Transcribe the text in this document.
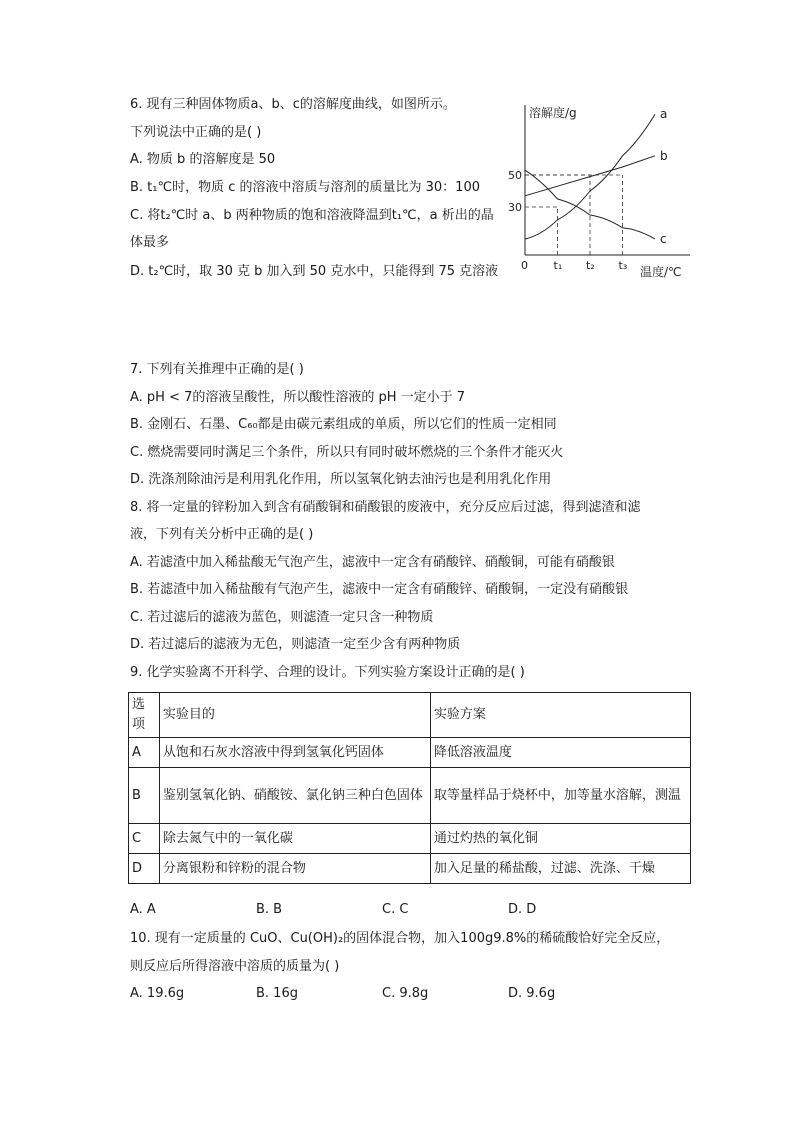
6. 现有三种固体物质a、b、c的溶解度曲线，如图所示。
下列说法中正确的是( )
A. 物质 b 的溶解度是 50
B. t₁℃时，物质 c 的溶液中溶质与溶剂的质量比为 30：100
C. 将t₂℃时 a、b 两种物质的饱和溶液降温到t₁℃，a 析出的晶
体最多
D. t₂℃时，取 30 克 b 加入到 50 克水中，只能得到 75 克溶液
溶解度/g
温度/℃
30
50
0 t₁ t₂ t₃
a
b
c
7. 下列有关推理中正确的是( )
A. pH < 7的溶液呈酸性，所以酸性溶液的 pH 一定小于 7
B. 金刚石、石墨、C₆₀都是由碳元素组成的单质，所以它们的性质一定相同
C. 燃烧需要同时满足三个条件，所以只有同时破坏燃烧的三个条件才能灭火
D. 洗涤剂除油污是利用乳化作用，所以氢氧化钠去油污也是利用乳化作用
8. 将一定量的锌粉加入到含有硝酸铜和硝酸银的废液中，充分反应后过滤，得到滤渣和滤
液，下列有关分析中正确的是( )
A. 若滤渣中加入稀盐酸无气泡产生，滤液中一定含有硝酸锌、硝酸铜，可能有硝酸银
B. 若滤渣中加入稀盐酸有气泡产生，滤液中一定含有硝酸锌、硝酸铜，一定没有硝酸银
C. 若过滤后的滤液为蓝色，则滤渣一定只含一种物质
D. 若过滤后的滤液为无色，则滤渣一定至少含有两种物质
9. 化学实验离不开科学、合理的设计。下列实验方案设计正确的是( )
选项	实验目的	实验方案
A	从饱和石灰水溶液中得到氢氧化钙固体	降低溶液温度
B	鉴别氢氧化钠、硝酸铵、氯化钠三种白色固体	取等量样品于烧杯中，加等量水溶解，测温
C	除去氮气中的一氧化碳	通过灼热的氧化铜
D	分离银粉和锌粉的混合物	加入足量的稀盐酸，过滤、洗涤、干燥
A. A	B. B	C. C	D. D
10. 现有一定质量的 CuO、Cu(OH)₂的固体混合物，加入100g9.8%的稀硫酸恰好完全反应，
则反应后所得溶液中溶质的质量为( )
A. 19.6g	B. 16g	C. 9.8g	D. 9.6g
